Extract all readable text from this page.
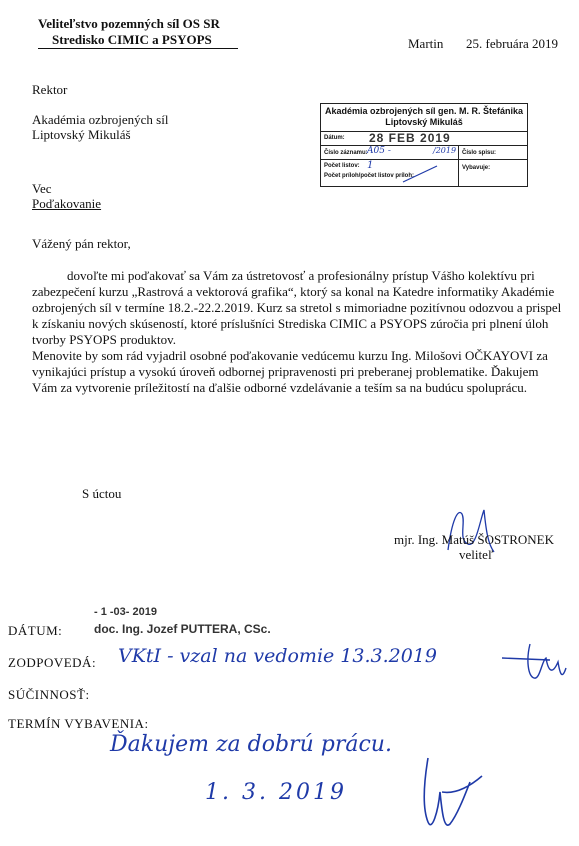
Veliteľstvo pozemných síl OS SR
Stredisko CIMIC a PSYOPS	Martin 25. februára 2019
Rektor
Akadémia ozbrojených síl
Liptovský Mikuláš
Akadémia ozbrojených síl gen. M. R. Štefánika
Liptovský Mikuláš
Dátum: 28 FEB 2019
Číslo záznamu: A05 -	/2019 Číslo spisu:
Počet listov: 1
Počet príloh/počet listov príloh:
Vybavuje:
Vec
Poďakovanie
Vážený pán rektor,
dovoľte mi poďakovať sa Vám za ústretovosť a profesionálny prístup Vášho kolektívu pri
zabezpečení kurzu „Rastrová a vektorová grafika“, ktorý sa konal na Katedre informatiky Akadémie
ozbrojených síl v termíne 18.2.-22.2.2019. Kurz sa stretol s mimoriadne pozitívnou odozvou a prispel
k získaniu nových skúseností, ktoré príslušníci Strediska CIMIC a PSYOPS zúročia pri plnení úloh
tvorby PSYOPS produktov.
Menovite by som rád vyjadril osobné poďakovanie vedúcemu kurzu Ing. Milošovi OČKAYOVI za
vynikajúci prístup a vysokú úroveň odbornej pripravenosti pri preberanej problematike. Ďakujem
Vám za vytvorenie príležitostí na ďalšie odborné vzdelávanie a teším sa na budúcu spoluprácu.
S úctou
mjr. Ing. Matúš ŠOSTRONEK
veliteľ
- 1 -03- 2019
DÁTUM:	doc. Ing. Jozef PUTTERA, CSc.
ZODPOVEDÁ: VKtI - vzal na vedomie 13.3.2019
SÚČINNOSŤ:
TERMÍN VYBAVENIA:
Ďakujem za dobrú prácu.
1. 3. 2019
